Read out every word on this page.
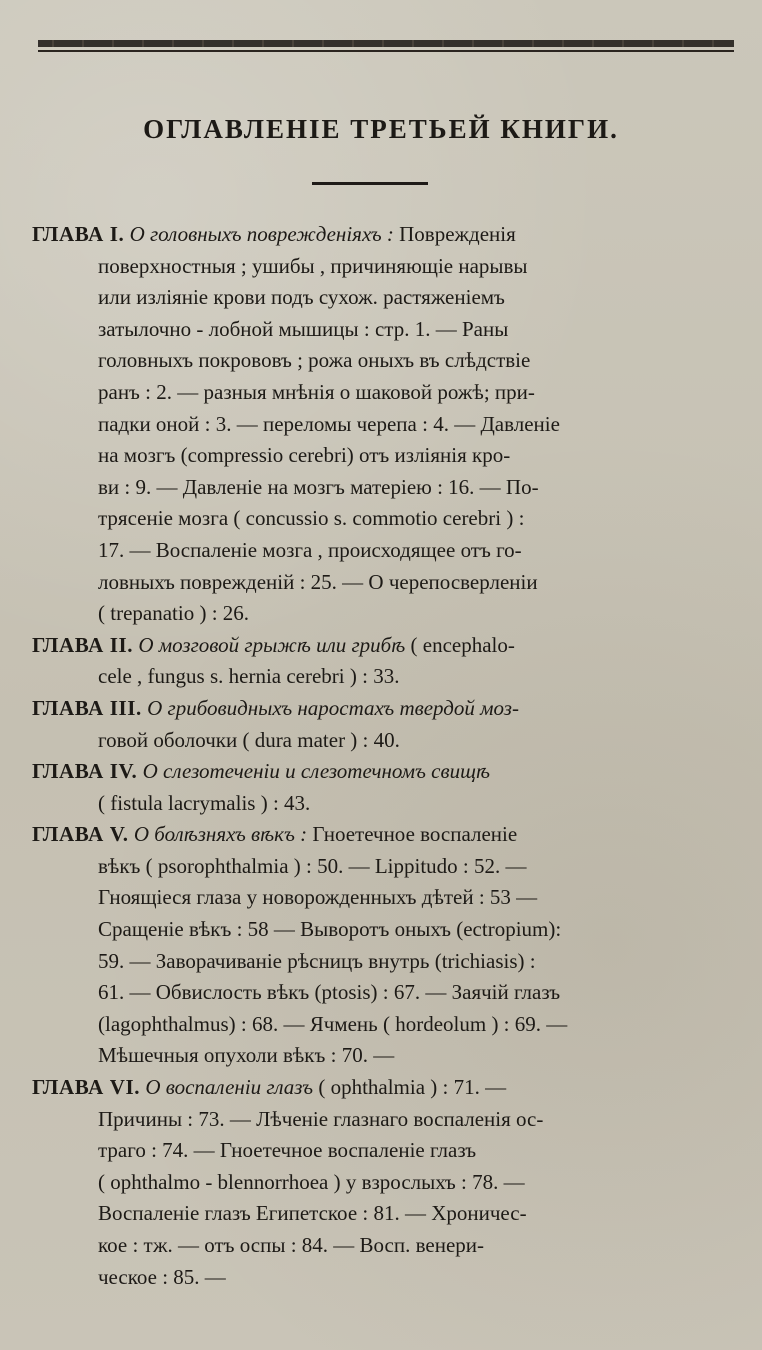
ОГЛАВЛЕНІЕ ТРЕТЬЕЙ КНИГИ.
ГЛАВА I. О головныхъ поврежденіяхъ : Поврежденія
поверхностныя ; ушибы , причиняющіе нарывы
или изліяніе крови подъ сухож. растяженіемъ
затылочно - лобной мышицы : стр. 1. — Раны
головныхъ покрововъ ; рожа оныхъ въ слѣдствіе
ранъ : 2. — разныя мнѣнія о шаковой рожѣ; при-
падки оной : 3. — переломы черепа : 4. — Давленіе
на мозгъ (compressio cerebri) отъ изліянія кро-
ви : 9. — Давленіе на мозгъ матеріею : 16. — По-
трясеніе мозга ( concussio s. commotio cerebri ) :
17. — Воспаленіе мозга , происходящее отъ го-
ловныхъ поврежденій : 25. — О черепосверленіи
( trepanatio ) : 26.
ГЛАВА II. О мозговой грыжѣ или грибѣ ( encephalo-
cele , fungus s. hernia cerebri ) : 33.
ГЛАВА III. О грибовидныхъ наростахъ твердой моз-
говой оболочки ( dura mater ) : 40.
ГЛАВА IV. О слезотеченіи и слезотечномъ свищѣ
( fistula lacrymalis ) : 43.
ГЛАВА V. О болѣзняхъ вѣкъ : Гноетечное воспаленіе
вѣкъ ( psorophthalmia ) : 50. — Lippitudo : 52. —
Гноящіеся глаза у новорожденныхъ дѣтей : 53 —
Сращеніе вѣкъ : 58 — Выворотъ оныхъ (ectropium):
59. — Заворачиваніе рѣсницъ внутрь (trichiasis) :
61. — Обвислость вѣкъ (ptosis) : 67. — Заячій глазъ
(lagophthalmus) : 68. — Ячмень ( hordeolum ) : 69. —
Мѣшечныя опухоли вѣкъ : 70. —
ГЛАВА VI. О воспаленіи глазъ ( ophthalmia ) : 71. —
Причины : 73. — Лѣченіе глазнаго воспаленія ос-
траго : 74. — Гноетечное воспаленіе глазъ
( ophthalmo - blennorrhoea ) у взрослыхъ : 78. —
Воспаленіе глазъ Египетское : 81. — Хроничес-
кое : тж. — отъ оспы : 84. — Восп. венери-
ческое : 85. —
